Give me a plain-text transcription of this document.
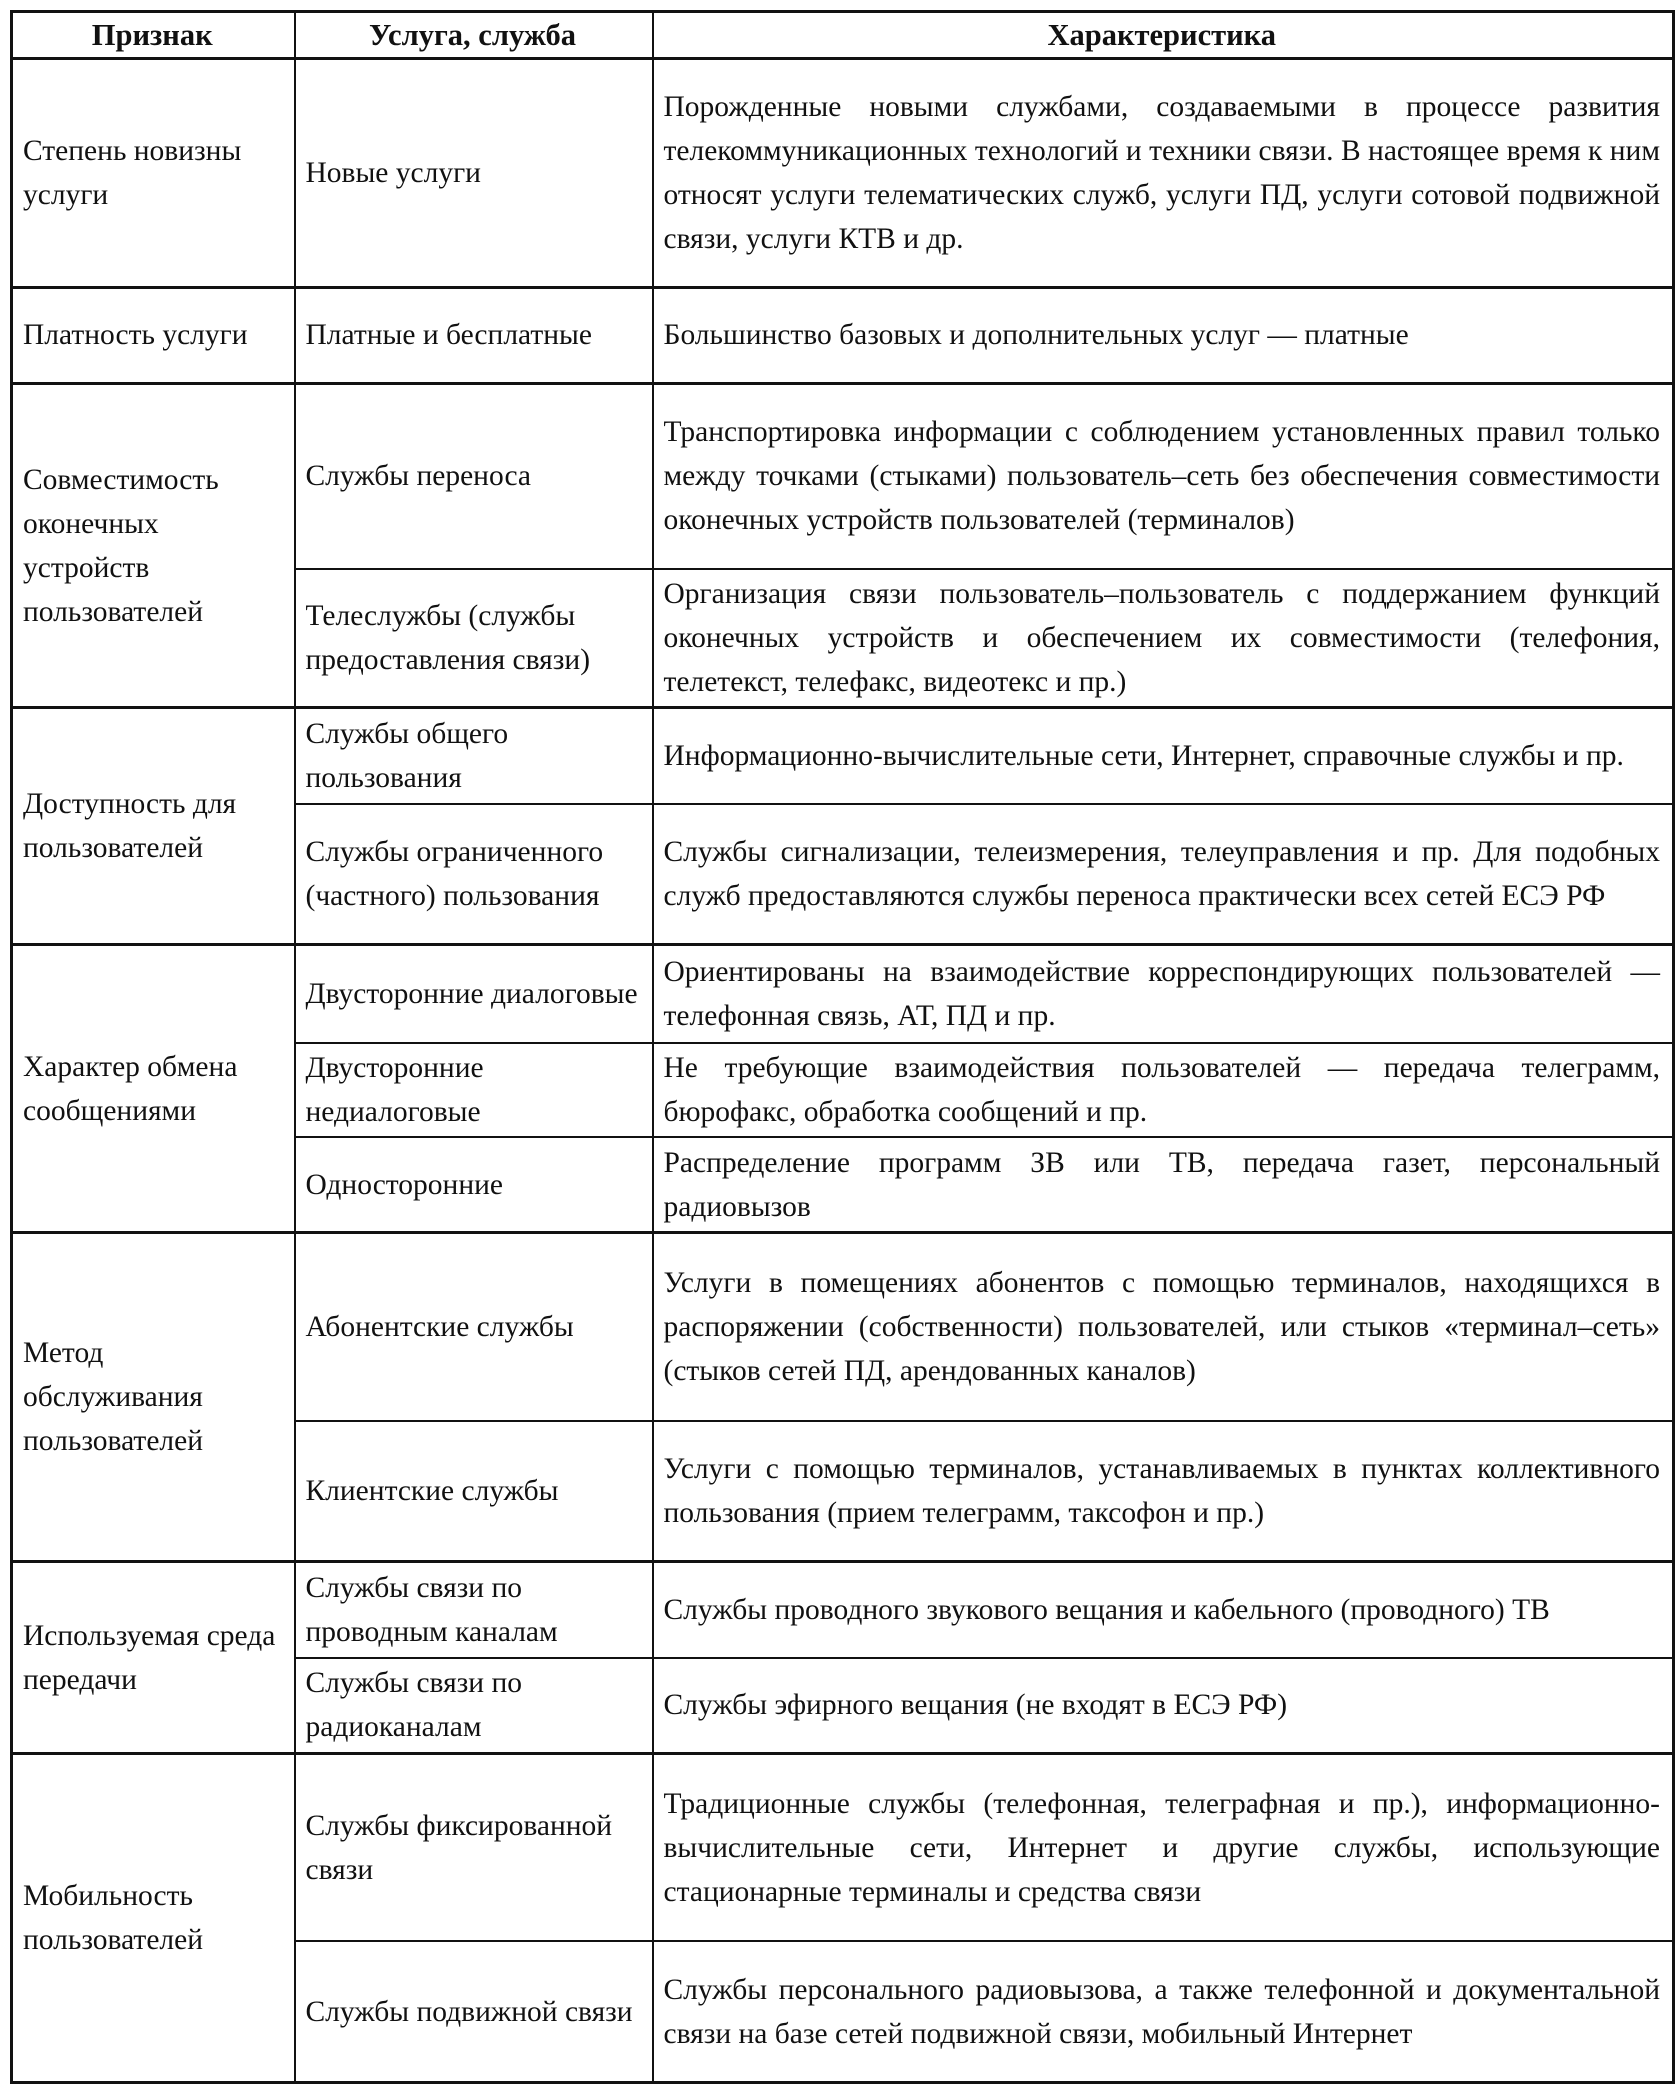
Признак	Услуга, служба	Характеристика
Степень новизны услуги	Новые услуги	Порожденные новыми службами, создаваемыми в процессе развития телекоммуникационных технологий и техники связи. В настоящее время к ним относят услуги телематических служб, услуги ПД, услуги сотовой подвижной связи, услуги КТВ и др.
Платность услуги	Платные и бесплатные	Большинство базовых и дополнительных услуг — платные
Совместимость оконечных устройств пользователей	Службы переноса	Транспортировка информации с соблюдением установленных правил только между точками (стыками) пользователь–сеть без обеспечения совместимости оконечных устройств пользователей (терминалов)
	Телеслужбы (службы предоставления связи)	Организация связи пользователь–пользователь с поддержанием функций оконечных устройств и обеспечением их совместимости (телефония, телетекст, телефакс, видеотекс и пр.)
Доступность для пользователей	Службы общего пользования	Информационно-вычислительные сети, Интернет, справочные службы и пр.
	Службы ограниченного (частного) пользования	Службы сигнализации, телеизмерения, телеуправления и пр. Для подобных служб предоставляются службы переноса практически всех сетей ЕСЭ РФ
Характер обмена сообщениями	Двусторонние диалоговые	Ориентированы на взаимодействие корреспондирующих пользователей — телефонная связь, АТ, ПД и пр.
	Двусторонние недиалоговые	Не требующие взаимодействия пользователей — передача телеграмм, бюрофакс, обработка сообщений и пр.
	Односторонние	Распределение программ ЗВ или ТВ, передача газет, персональный радиовызов
Метод обслуживания пользователей	Абонентские службы	Услуги в помещениях абонентов с помощью терминалов, находящихся в распоряжении (собственности) пользователей, или стыков «терминал–сеть» (стыков сетей ПД, арендованных каналов)
	Клиентские службы	Услуги с помощью терминалов, устанавливаемых в пунктах коллективного пользования (прием телеграмм, таксофон и пр.)
Используемая среда передачи	Службы связи по проводным каналам	Службы проводного звукового вещания и кабельного (проводного) ТВ
	Службы связи по радиоканалам	Службы эфирного вещания (не входят в ЕСЭ РФ)
Мобильность пользователей	Службы фиксированной связи	Традиционные службы (телефонная, телеграфная и пр.), информационно-вычислительные сети, Интернет и другие службы, использующие стационарные терминалы и средства связи
	Службы подвижной связи	Службы персонального радиовызова, а также телефонной и документальной связи на базе сетей подвижной связи, мобильный Интернет
